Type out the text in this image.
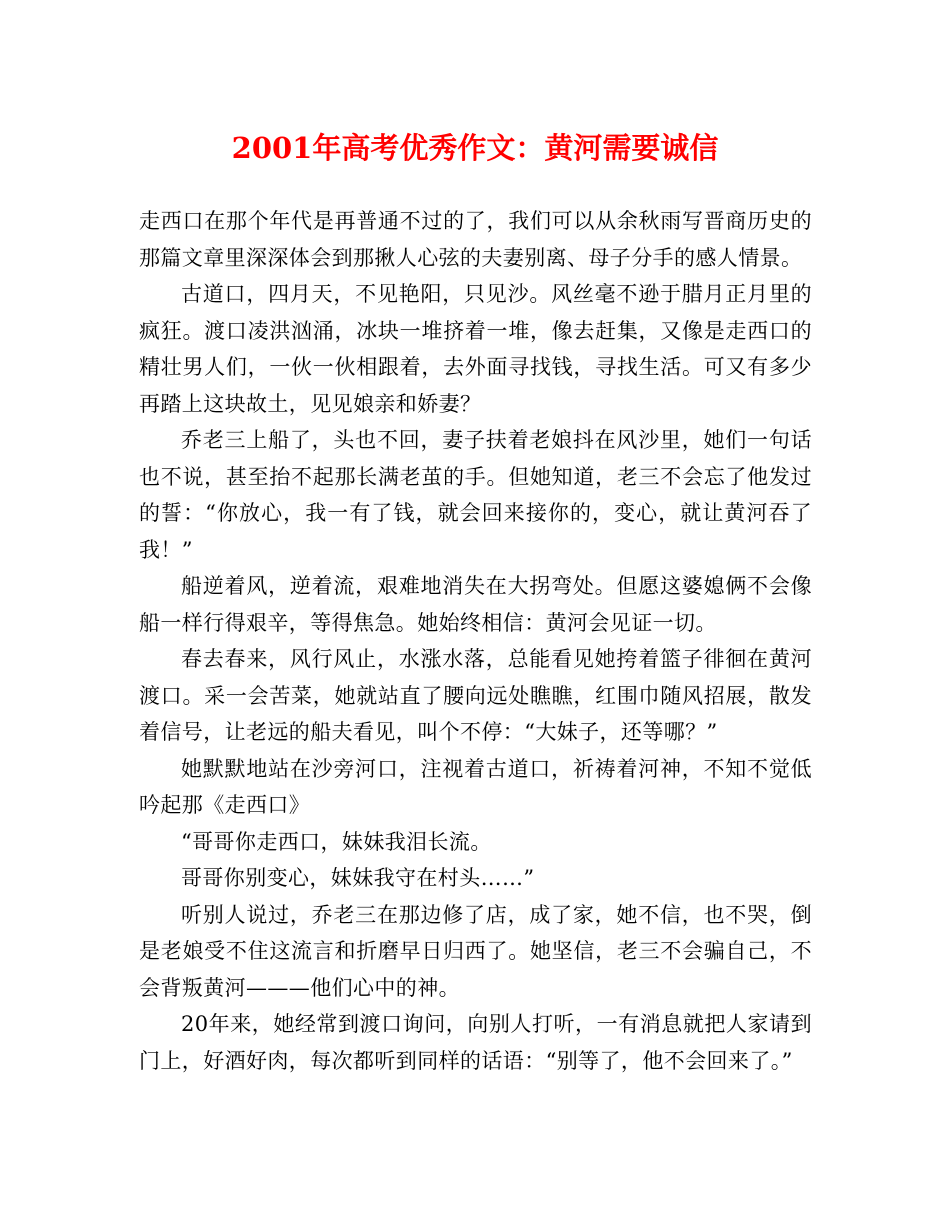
2001年高考优秀作文：黄河需要诚信

走西口在那个年代是再普通不过的了，我们可以从余秋雨写晋商历史的那篇文章里深深体会到那揪人心弦的夫妻别离、母子分手的感人情景。

古道口，四月天，不见艳阳，只见沙。风丝毫不逊于腊月正月里的疯狂。渡口凌洪汹涌，冰块一堆挤着一堆，像去赶集，又像是走西口的精壮男人们，一伙一伙相跟着，去外面寻找钱，寻找生活。可又有多少再踏上这块故土，见见娘亲和娇妻？

乔老三上船了，头也不回，妻子扶着老娘抖在风沙里，她们一句话也不说，甚至抬不起那长满老茧的手。但她知道，老三不会忘了他发过的誓：“你放心，我一有了钱，就会回来接你的，变心，就让黄河吞了我！”

船逆着风，逆着流，艰难地消失在大拐弯处。但愿这婆媳俩不会像船一样行得艰辛，等得焦急。她始终相信：黄河会见证一切。

春去春来，风行风止，水涨水落，总能看见她挎着篮子徘徊在黄河渡口。采一会苦菜，她就站直了腰向远处瞧瞧，红围巾随风招展，散发着信号，让老远的船夫看见，叫个不停：“大妹子，还等哪？”

她默默地站在沙旁河口，注视着古道口，祈祷着河神，不知不觉低吟起那《走西口》

“哥哥你走西口，妹妹我泪长流。

哥哥你别变心，妹妹我守在村头……”

听别人说过，乔老三在那边修了店，成了家，她不信，也不哭，倒是老娘受不住这流言和折磨早日归西了。她坚信，老三不会骗自己，不会背叛黄河———他们心中的神。

20年来，她经常到渡口询问，向别人打听，一有消息就把人家请到门上，好酒好肉，每次都听到同样的话语：“别等了，他不会回来了。”
